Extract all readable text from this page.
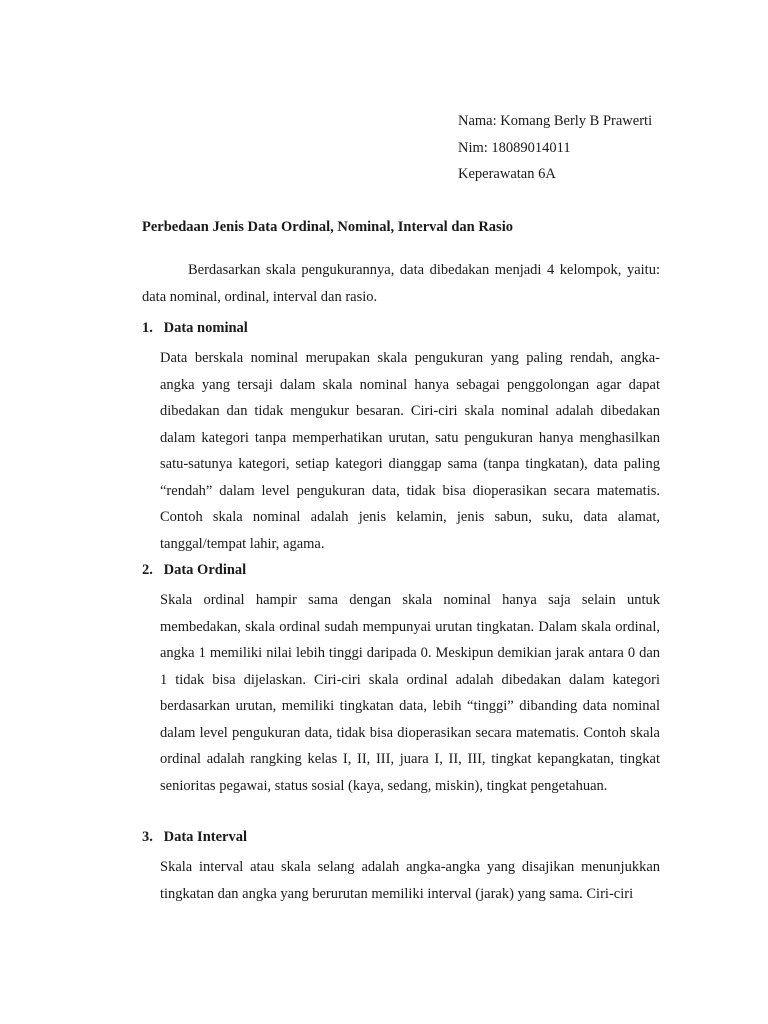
Nama: Komang Berly B Prawerti
Nim: 18089014011
Keperawatan 6A
Perbedaan Jenis Data Ordinal, Nominal, Interval dan Rasio

Berdasarkan skala pengukurannya, data dibedakan menjadi 4 kelompok, yaitu: data nominal, ordinal, interval dan rasio.

1. Data nominal

Data berskala nominal merupakan skala pengukuran yang paling rendah, angka-angka yang tersaji dalam skala nominal hanya sebagai penggolongan agar dapat dibedakan dan tidak mengukur besaran. Ciri-ciri skala nominal adalah dibedakan dalam kategori tanpa memperhatikan urutan, satu pengukuran hanya menghasilkan satu-satunya kategori, setiap kategori dianggap sama (tanpa tingkatan), data paling “rendah” dalam level pengukuran data, tidak bisa dioperasikan secara matematis. Contoh skala nominal adalah jenis kelamin, jenis sabun, suku, data alamat, tanggal/tempat lahir, agama.

2. Data Ordinal

Skala ordinal hampir sama dengan skala nominal hanya saja selain untuk membedakan, skala ordinal sudah mempunyai urutan tingkatan. Dalam skala ordinal, angka 1 memiliki nilai lebih tinggi daripada 0. Meskipun demikian jarak antara 0 dan 1 tidak bisa dijelaskan. Ciri-ciri skala ordinal adalah dibedakan dalam kategori berdasarkan urutan, memiliki tingkatan data, lebih “tinggi” dibanding data nominal dalam level pengukuran data, tidak bisa dioperasikan secara matematis. Contoh skala ordinal adalah rangking kelas I, II, III, juara I, II, III, tingkat kepangkatan, tingkat senioritas pegawai, status sosial (kaya, sedang, miskin), tingkat pengetahuan.

3. Data Interval

Skala interval atau skala selang adalah angka-angka yang disajikan menunjukkan tingkatan dan angka yang berurutan memiliki interval (jarak) yang sama. Ciri-ciri
